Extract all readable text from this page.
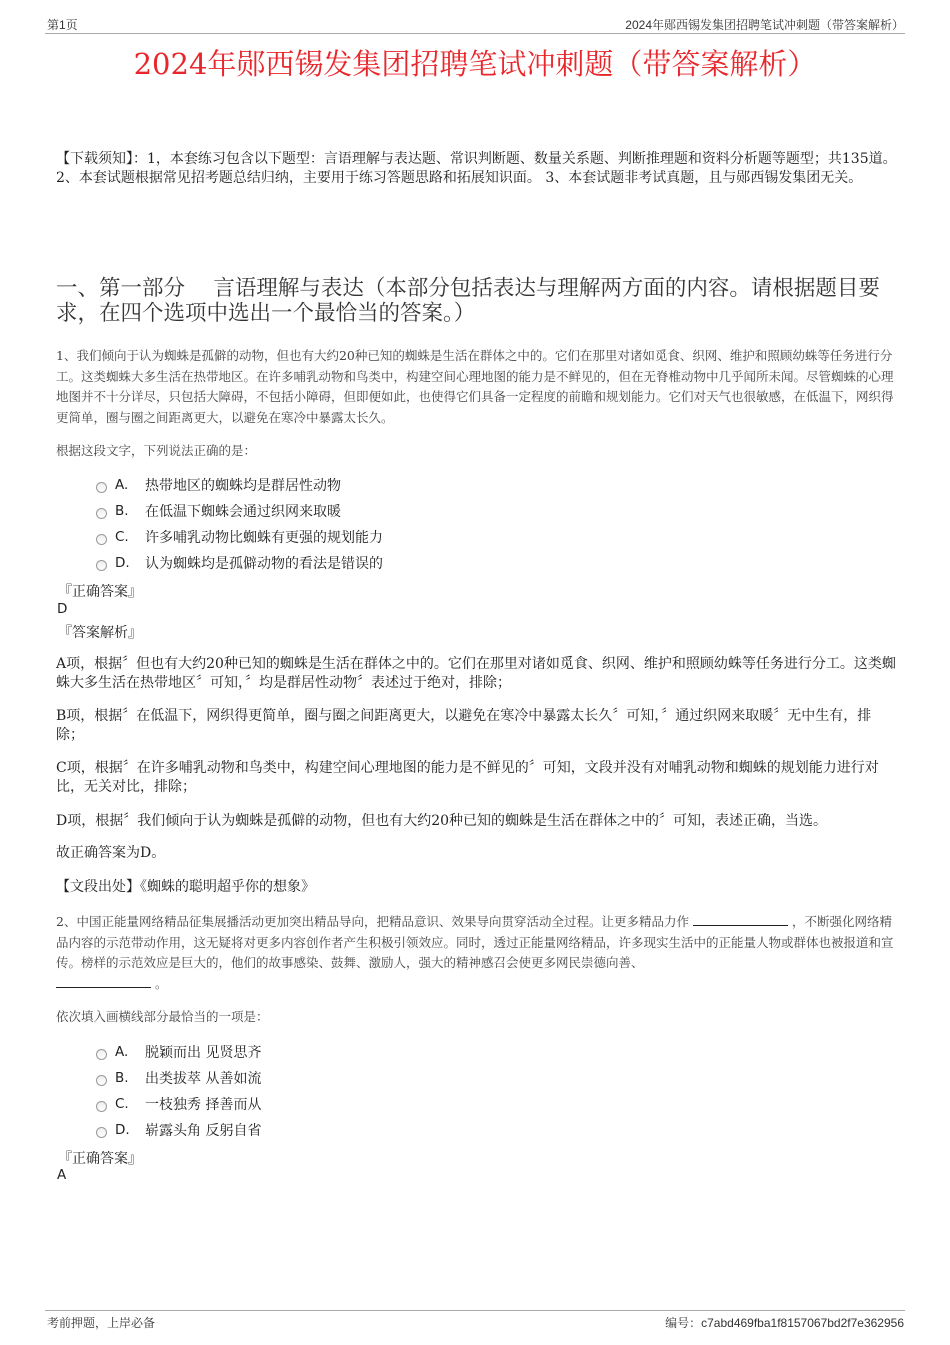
第1页	2024年郧西锡发集团招聘笔试冲刺题（带答案解析）
2024年郧西锡发集团招聘笔试冲刺题（带答案解析）
【下载须知】：1，本套练习包含以下题型：言语理解与表达题、常识判断题、数量关系题、判断推理题和资料分析题等题型；共135道。 2、本套试题根据常见招考题总结归纳，主要用于练习答题思路和拓展知识面。 3、本套试题非考试真题，且与郧西锡发集团无关。
一、第一部分　 言语理解与表达（本部分包括表达与理解两方面的内容。请根据题目要求，在四个选项中选出一个最恰当的答案。）
1、我们倾向于认为蜘蛛是孤僻的动物，但也有大约20种已知的蜘蛛是生活在群体之中的。它们在那里对诸如觅食、织网、维护和照顾幼蛛等任务进行分工。这类蜘蛛大多生活在热带地区。在许多哺乳动物和鸟类中，构建空间心理地图的能力是不鲜见的，但在无脊椎动物中几乎闻所未闻。尽管蜘蛛的心理地图并不十分详尽，只包括大障碍，不包括小障碍，但即便如此，也使得它们具备一定程度的前瞻和规划能力。它们对天气也很敏感，在低温下，网织得更简单，圈与圈之间距离更大，以避免在寒冷中暴露太长久。
根据这段文字，下列说法正确的是：
A.	热带地区的蜘蛛均是群居性动物
B.	在低温下蜘蛛会通过织网来取暖
C.	许多哺乳动物比蜘蛛有更强的规划能力
D.	认为蜘蛛均是孤僻动物的看法是错误的
『正确答案』
D
『答案解析』
A项，根据〞但也有大约20种已知的蜘蛛是生活在群体之中的。它们在那里对诸如觅食、织网、维护和照顾幼蛛等任务进行分工。这类蜘蛛大多生活在热带地区〞可知，〞均是群居性动物〞表述过于绝对，排除；
B项，根据〞在低温下，网织得更简单，圈与圈之间距离更大，以避免在寒冷中暴露太长久〞可知，〞通过织网来取暖〞无中生有，排除；
C项，根据〞在许多哺乳动物和鸟类中，构建空间心理地图的能力是不鲜见的〞可知，文段并没有对哺乳动物和蜘蛛的规划能力进行对比，无关对比，排除；
D项，根据〞我们倾向于认为蜘蛛是孤僻的动物，但也有大约20种已知的蜘蛛是生活在群体之中的〞可知，表述正确，当选。
故正确答案为D。
【文段出处】《蜘蛛的聪明超乎你的想象》
2、中国正能量网络精品征集展播活动更加突出精品导向，把精品意识、效果导向贯穿活动全过程。让更多精品力作	，不断强化网络精品内容的示范带动作用，这无疑将对更多内容创作者产生积极引领效应。同时，透过正能量网络精品，许多现实生活中的正能量人物或群体也被报道和宣传。榜样的示范效应是巨大的，他们的故事感染、鼓舞、激励人，强大的精神感召会使更多网民崇德向善、
。
依次填入画横线部分最恰当的一项是：
A.	脱颖而出 见贤思齐
B.	出类拔萃 从善如流
C.	一枝独秀 择善而从
D.	崭露头角 反躬自省
『正确答案』
A
考前押题，上岸必备	编号：c7abd469fba1f8157067bd2f7e362956
